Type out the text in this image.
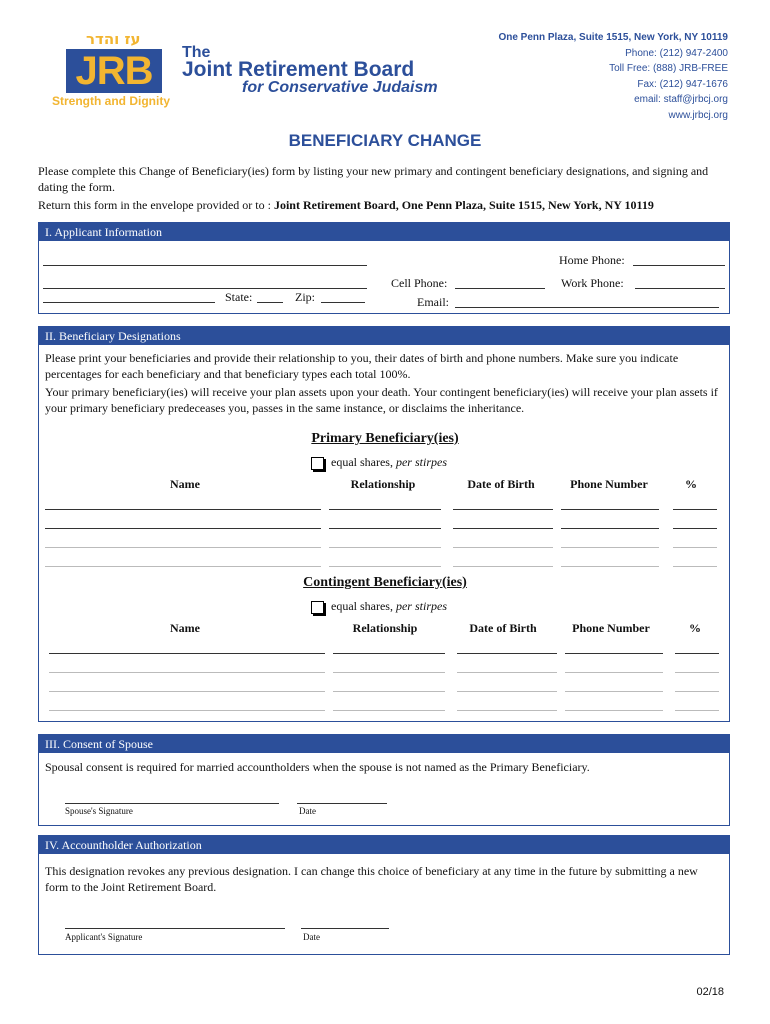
עז והדר
JRB
Strength and Dignity
The
Joint Retirement Board
for Conservative Judaism
One Penn Plaza, Suite 1515, New York, NY 10119
Phone: (212) 947-2400
Toll Free: (888) JRB-FREE
Fax: (212) 947-1676
email: staff@jrbcj.org
www.jrbcj.org
BENEFICIARY CHANGE
Please complete this Change of Beneficiary(ies) form by listing your new primary and contingent beneficiary designations, and signing and dating the form.
Return this form in the envelope provided or to : Joint Retirement Board, One Penn Plaza, Suite 1515, New York, NY 10119
I. Applicant Information
Home Phone:
Cell Phone:	Work Phone:
State:	Zip:	Email:
II. Beneficiary Designations
Please print your beneficiaries and provide their relationship to you, their dates of birth and phone numbers. Make sure you indicate percentages for each beneficiary and that beneficiary types each total 100%.
Your primary beneficiary(ies) will receive your plan assets upon your death. Your contingent beneficiary(ies) will receive your plan assets if your primary beneficiary predeceases you, passes in the same instance, or disclaims the inheritance.
Primary Beneficiary(ies)
equal shares, per stirpes
Name	Relationship	Date of Birth	Phone Number	%
Contingent Beneficiary(ies)
equal shares, per stirpes
Name	Relationship	Date of Birth	Phone Number	%
III. Consent of Spouse
Spousal consent is required for married accountholders when the spouse is not named as the Primary Beneficiary.
Spouse's Signature	Date
IV. Accountholder Authorization
This designation revokes any previous designation. I can change this choice of beneficiary at any time in the future by submitting a new form to the Joint Retirement Board.
Applicant's Signature	Date
02/18
